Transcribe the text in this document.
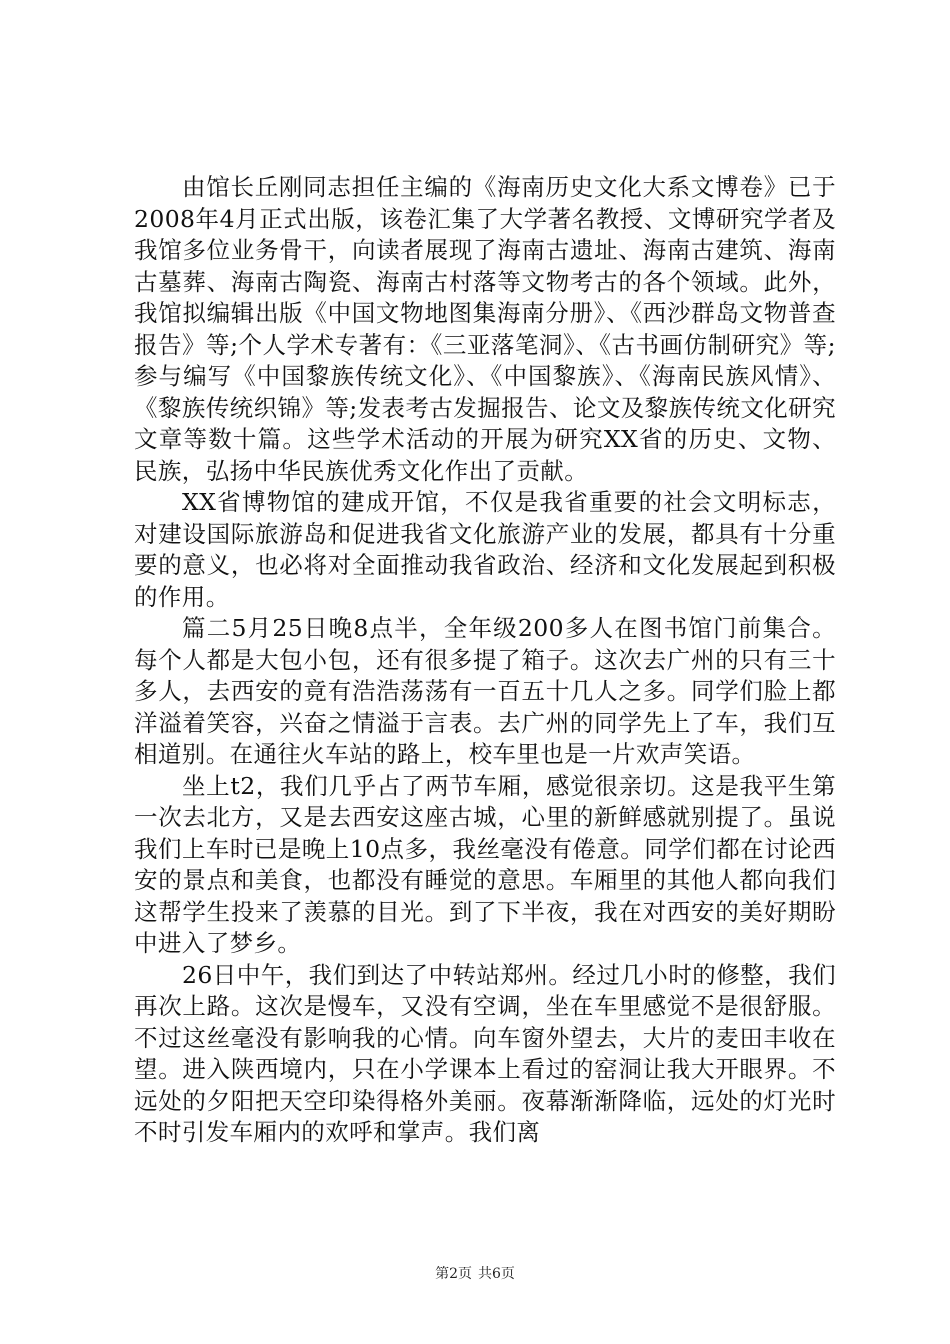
由馆长丘刚同志担任主编的《海南历史文化大系文博卷》已于2008年4月正式出版，该卷汇集了大学著名教授、文博研究学者及我馆多位业务骨干，向读者展现了海南古遗址、海南古建筑、海南古墓葬、海南古陶瓷、海南古村落等文物考古的各个领域。此外，我馆拟编辑出版《中国文物地图集海南分册》、《西沙群岛文物普查报告》等;个人学术专著有：《三亚落笔洞》、《古书画仿制研究》等;参与编写《中国黎族传统文化》、《中国黎族》、《海南民族风情》、《黎族传统织锦》等;发表考古发掘报告、论文及黎族传统文化研究文章等数十篇。这些学术活动的开展为研究XX省的历史、文物、民族，弘扬中华民族优秀文化作出了贡献。

XX省博物馆的建成开馆，不仅是我省重要的社会文明标志，对建设国际旅游岛和促进我省文化旅游产业的发展，都具有十分重要的意义，也必将对全面推动我省政治、经济和文化发展起到积极的作用。

篇二5月25日晚8点半，全年级200多人在图书馆门前集合。每个人都是大包小包，还有很多提了箱子。这次去广州的只有三十多人，去西安的竟有浩浩荡荡有一百五十几人之多。同学们脸上都洋溢着笑容，兴奋之情溢于言表。去广州的同学先上了车，我们互相道别。在通往火车站的路上，校车里也是一片欢声笑语。

坐上t2，我们几乎占了两节车厢，感觉很亲切。这是我平生第一次去北方，又是去西安这座古城，心里的新鲜感就别提了。虽说我们上车时已是晚上10点多，我丝毫没有倦意。同学们都在讨论西安的景点和美食，也都没有睡觉的意思。车厢里的其他人都向我们这帮学生投来了羡慕的目光。到了下半夜，我在对西安的美好期盼中进入了梦乡。

26日中午，我们到达了中转站郑州。经过几小时的修整，我们再次上路。这次是慢车，又没有空调，坐在车里感觉不是很舒服。不过这丝毫没有影响我的心情。向车窗外望去，大片的麦田丰收在望。进入陕西境内，只在小学课本上看过的窑洞让我大开眼界。不远处的夕阳把天空印染得格外美丽。夜幕渐渐降临，远处的灯光时不时引发车厢内的欢呼和掌声。我们离

第2页 共6页
